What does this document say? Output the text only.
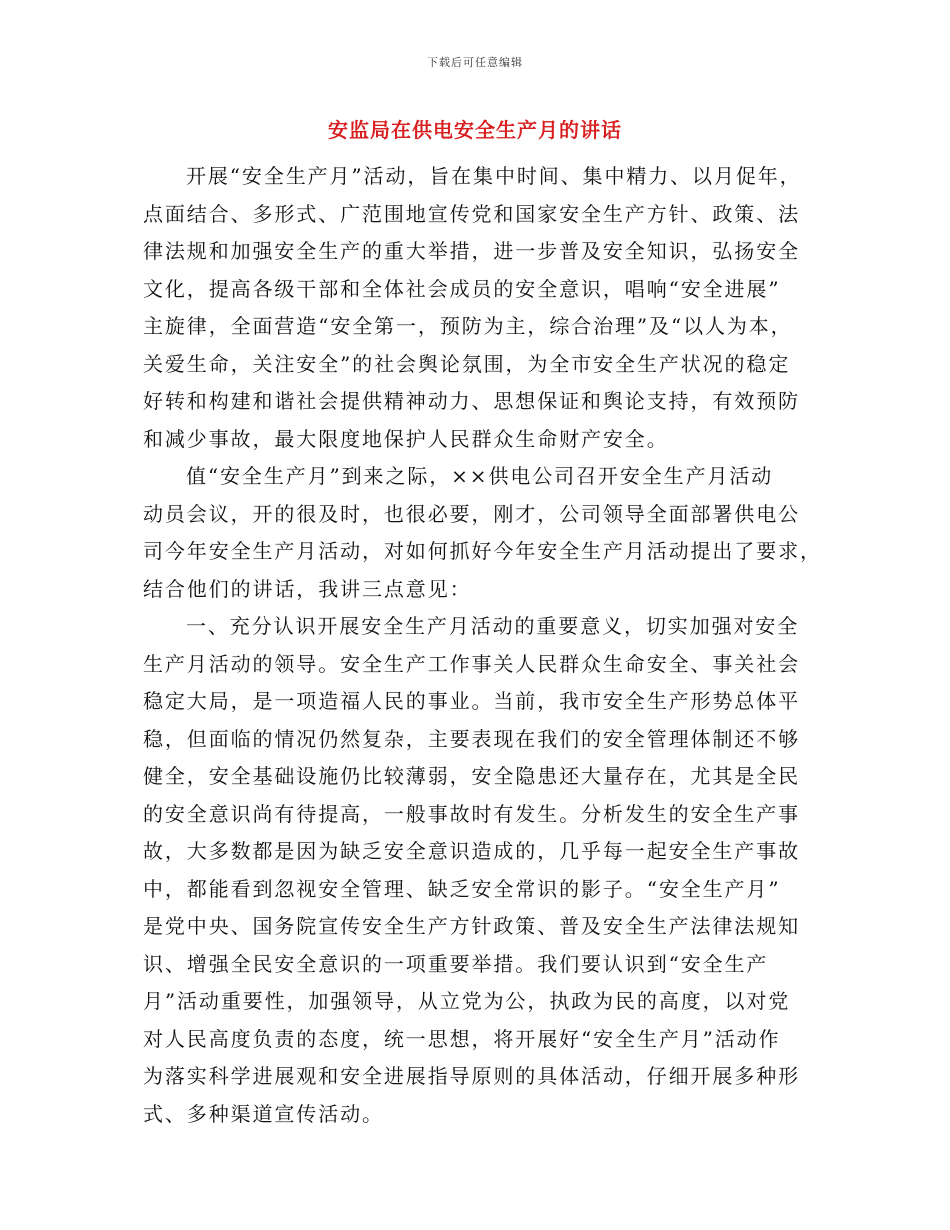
下载后可任意编辑
安监局在供电安全生产月的讲话
开展“安全生产月”活动，旨在集中时间、集中精力、以月促年，
点面结合、多形式、广范围地宣传党和国家安全生产方针、政策、法
律法规和加强安全生产的重大举措，进一步普及安全知识，弘扬安全
文化，提高各级干部和全体社会成员的安全意识，唱响“安全进展”
主旋律，全面营造“安全第一，预防为主，综合治理”及“以人为本，
关爱生命，关注安全”的社会舆论氛围，为全市安全生产状况的稳定
好转和构建和谐社会提供精神动力、思想保证和舆论支持，有效预防
和减少事故，最大限度地保护人民群众生命财产安全。
值“安全生产月”到来之际，××供电公司召开安全生产月活动
动员会议，开的很及时，也很必要，刚才，公司领导全面部署供电公
司今年安全生产月活动，对如何抓好今年安全生产月活动提出了要求，
结合他们的讲话，我讲三点意见：
一、充分认识开展安全生产月活动的重要意义，切实加强对安全
生产月活动的领导。安全生产工作事关人民群众生命安全、事关社会
稳定大局，是一项造福人民的事业。当前，我市安全生产形势总体平
稳，但面临的情况仍然复杂，主要表现在我们的安全管理体制还不够
健全，安全基础设施仍比较薄弱，安全隐患还大量存在，尤其是全民
的安全意识尚有待提高，一般事故时有发生。分析发生的安全生产事
故，大多数都是因为缺乏安全意识造成的，几乎每一起安全生产事故
中，都能看到忽视安全管理、缺乏安全常识的影子。“安全生产月”
是党中央、国务院宣传安全生产方针政策、普及安全生产法律法规知
识、增强全民安全意识的一项重要举措。我们要认识到“安全生产
月”活动重要性，加强领导，从立党为公，执政为民的高度，以对党
对人民高度负责的态度，统一思想，将开展好“安全生产月”活动作
为落实科学进展观和安全进展指导原则的具体活动，仔细开展多种形
式、多种渠道宣传活动。
